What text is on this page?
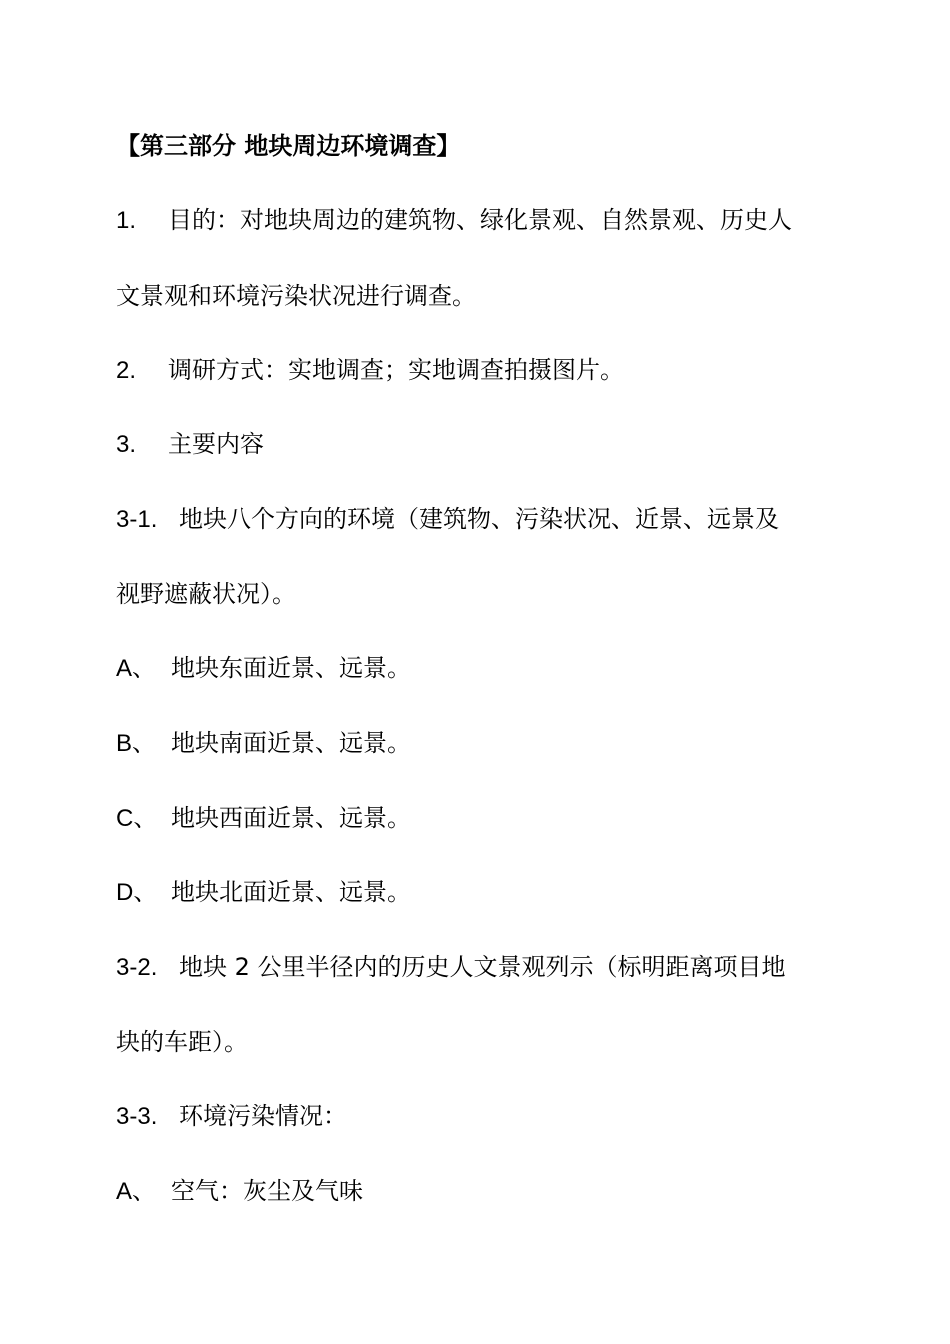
【第三部分 地块周边环境调查】
1. 目的：对地块周边的建筑物、绿化景观、自然景观、历史人
文景观和环境污染状况进行调查。
2. 调研方式：实地调查；实地调查拍摄图片。
3. 主要内容
3-1. 地块八个方向的环境（建筑物、污染状况、近景、远景及
视野遮蔽状况）。
A、 地块东面近景、远景。
B、 地块南面近景、远景。
C、 地块西面近景、远景。
D、 地块北面近景、远景。
3-2. 地块 2 公里半径内的历史人文景观列示（标明距离项目地
块的车距）。
3-3. 环境污染情况：
A、 空气：灰尘及气味
